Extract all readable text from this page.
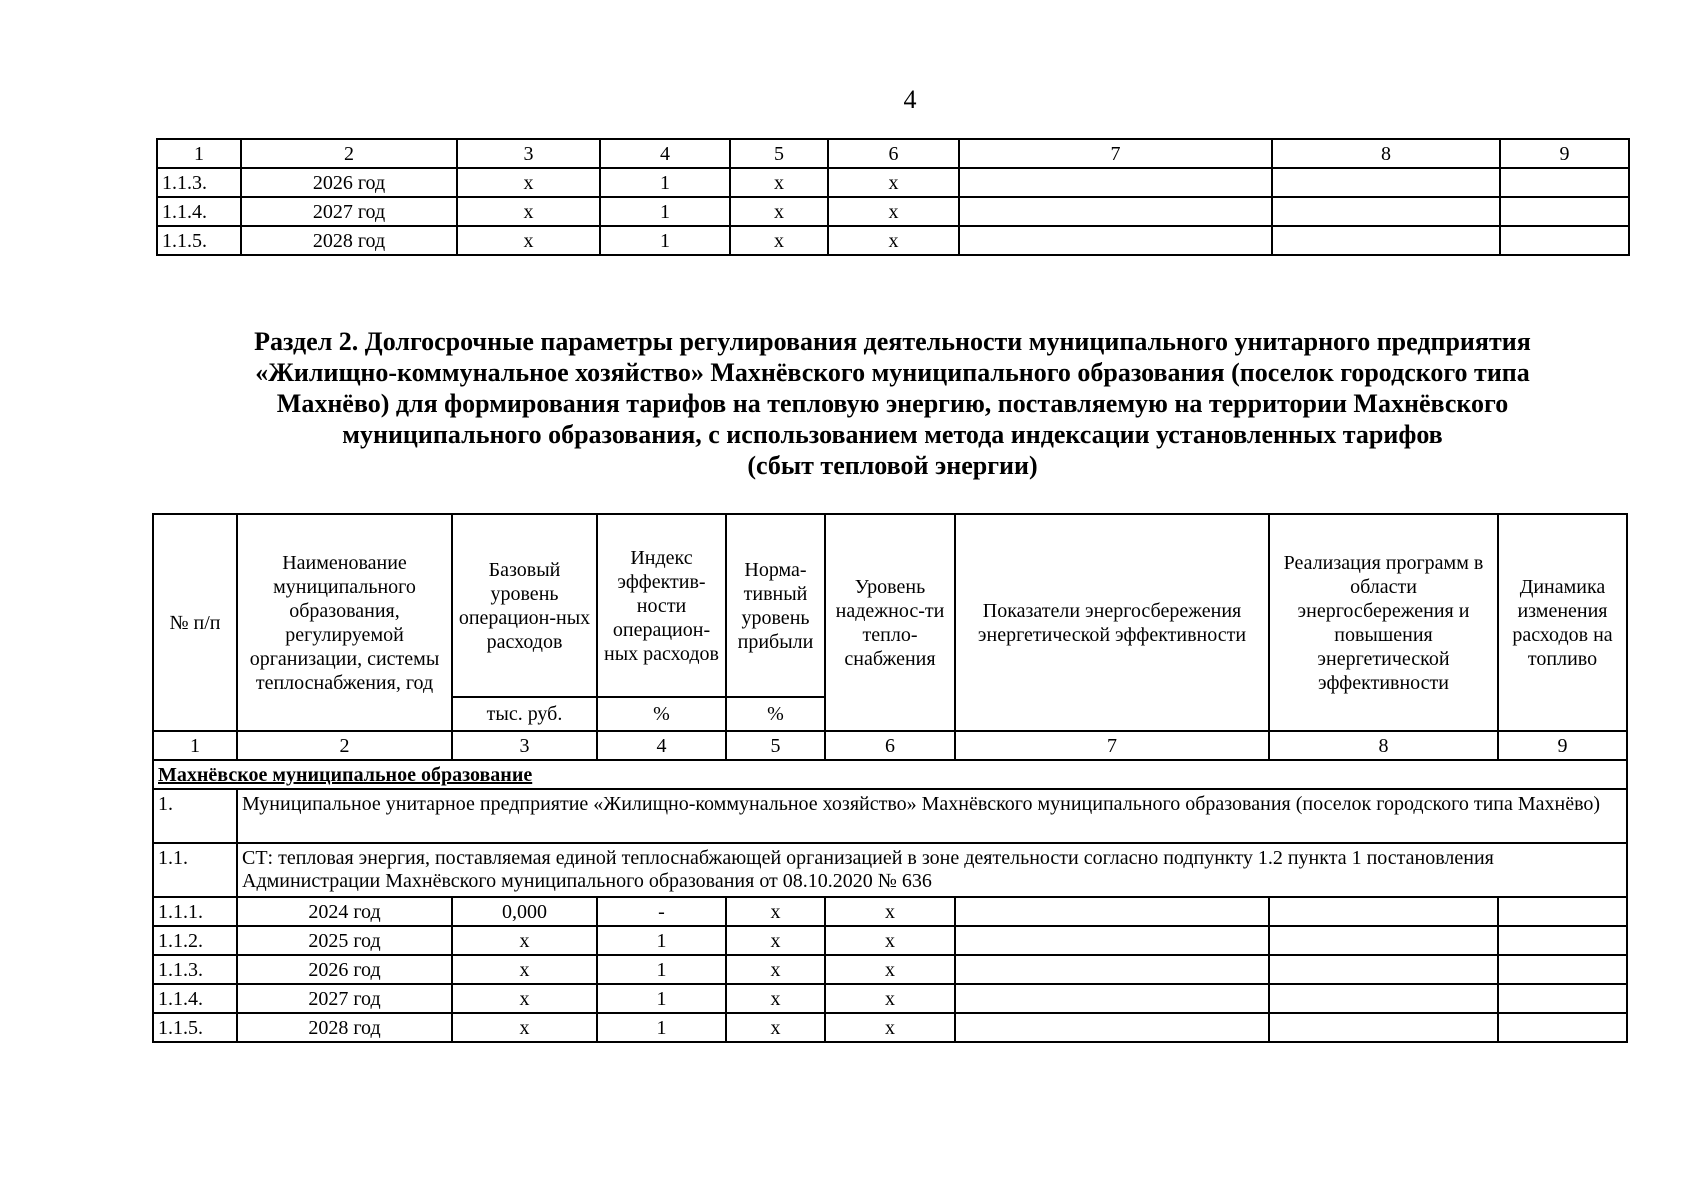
4
1	2	3	4	5	6	7	8	9
1.1.3.	2026 год	х	1	х	х			
1.1.4.	2027 год	х	1	х	х			
1.1.5.	2028 год	х	1	х	х			
Раздел 2. Долгосрочные параметры регулирования деятельности муниципального унитарного предприятия
«Жилищно-коммунальное хозяйство» Махнёвского муниципального образования (поселок городского типа
Махнёво) для формирования тарифов на тепловую энергию, поставляемую на территории Махнёвского
муниципального образования, с использованием метода индексации установленных тарифов
(сбыт тепловой энергии)
№ п/п	Наименование муниципального образования, регулируемой организации, системы теплоснабжения, год	Базовый уровень операцион-ных расходов	Индекс эффектив-ности операцион-ных расходов	Норма-тивный уровень прибыли	Уровень надежнос-ти тепло-снабжения	Показатели энергосбережения энергетической эффективности	Реализация программ в области энергосбережения и повышения энергетической эффективности	Динамика изменения расходов на топливо
		тыс. руб.	%	%				
1	2	3	4	5	6	7	8	9
Махнёвское муниципальное образование								
1.	Муниципальное унитарное предприятие «Жилищно-коммунальное хозяйство» Махнёвского муниципального образования (поселок городского типа Махнёво)							
1.1.	СТ: тепловая энергия, поставляемая единой теплоснабжающей организацией в зоне деятельности согласно подпункту 1.2 пункта 1 постановления Администрации Махнёвского муниципального образования от 08.10.2020 № 636							
1.1.1.	2024 год	0,000	-	х	х			
1.1.2.	2025 год	х	1	х	х			
1.1.3.	2026 год	х	1	х	х			
1.1.4.	2027 год	х	1	х	х			
1.1.5.	2028 год	х	1	х	х			
